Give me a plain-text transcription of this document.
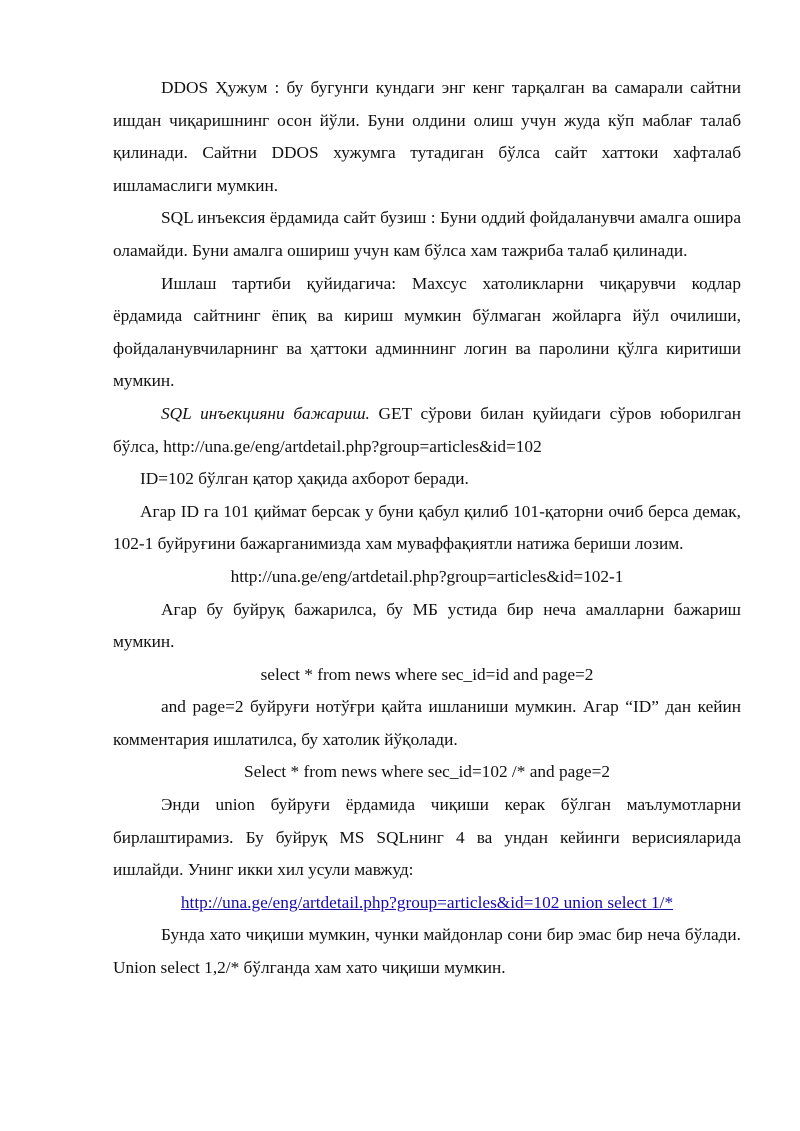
DDOS Ҳужум : бу бугунги кундаги энг кенг тарқалган ва самарали сайтни ишдан чиқаришнинг осон йўли. Буни олдини олиш учун жуда кўп маблағ талаб қилинади. Сайтни DDOS хужумга тутадиган бўлса сайт хаттоки хафталаб ишламаслиги мумкин.

SQL инъексия ёрдамида сайт бузиш : Буни оддий фойдаланувчи амалга ошира оламайди. Буни амалга ошириш учун кам бўлса хам тажриба талаб қилинади.

Ишлаш тартиби қуйидагича: Махсус хатоликларни чиқарувчи кодлар ёрдамида сайтнинг ёпиқ ва кириш мумкин бўлмаган жойларга йўл очилиши, фойдаланувчиларнинг ва ҳаттоки админнинг логин ва паролини қўлга киритиши мумкин.

SQL инъекцияни бажариш. GET сўрови билан қуйидаги сўров юборилган бўлса, http://una.ge/eng/artdetail.php?group=articles&id=102

ID=102 бўлган қатор ҳақида ахборот беради.

Агар ID га 101 қиймат берсак у буни қабул қилиб 101-қаторни очиб берса демак, 102-1 буйруғини бажарганимизда хам муваффақиятли натижа бериши лозим.

http://una.ge/eng/artdetail.php?group=articles&id=102-1

Агар бу буйруқ бажарилса, бу МБ устида бир неча амалларни бажариш мумкин.

select * from news where sec_id=id and page=2

and page=2 буйруғи нотўғри қайта ишланиши мумкин. Агар “ID” дан кейин комментария ишлатилса, бу хатолик йўқолади.

Select * from news where sec_id=102 /* and page=2

Энди union буйруғи ёрдамида чиқиши керак бўлган маълумотларни бирлаштирамиз. Бу буйруқ MS SQLнинг 4 ва ундан кейинги верисияларида ишлайди. Унинг икки хил усули мавжуд:

http://una.ge/eng/artdetail.php?group=articles&id=102 union select 1/*

Бунда хато чиқиши мумкин, чунки майдонлар сони бир эмас бир неча бўлади. Union select 1,2/* бўлганда хам хато чиқиши мумкин.
